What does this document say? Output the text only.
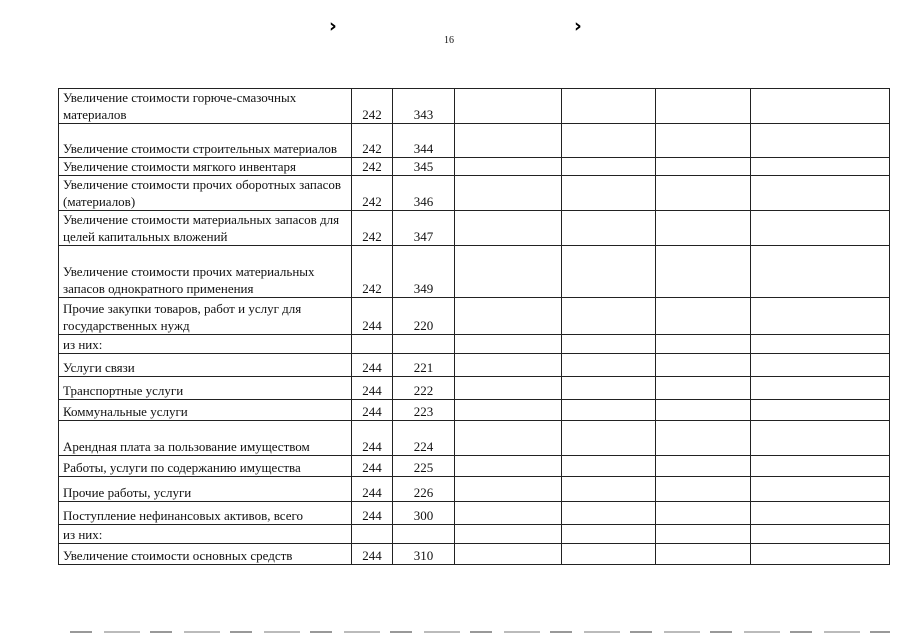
›
16
›
Увеличение стоимости горюче-смазочных материалов	242	343				
Увеличение стоимости строительных материалов	242	344				
Увеличение стоимости мягкого инвентаря	242	345				
Увеличение стоимости прочих оборотных запасов (материалов)	242	346				
Увеличение стоимости материальных запасов для целей капитальных вложений	242	347				
Увеличение стоимости прочих материальных запасов однократного применения	242	349				
Прочие закупки товаров, работ и услуг для государственных нужд	244	220				
из них:						
Услуги связи	244	221				
Транспортные услуги	244	222				
Коммунальные услуги	244	223				
Арендная плата за пользование имуществом	244	224				
Работы, услуги по содержанию имущества	244	225				
Прочие работы, услуги	244	226				
Поступление нефинансовых активов, всего	244	300				
из них:						
Увеличение стоимости основных средств	244	310				
